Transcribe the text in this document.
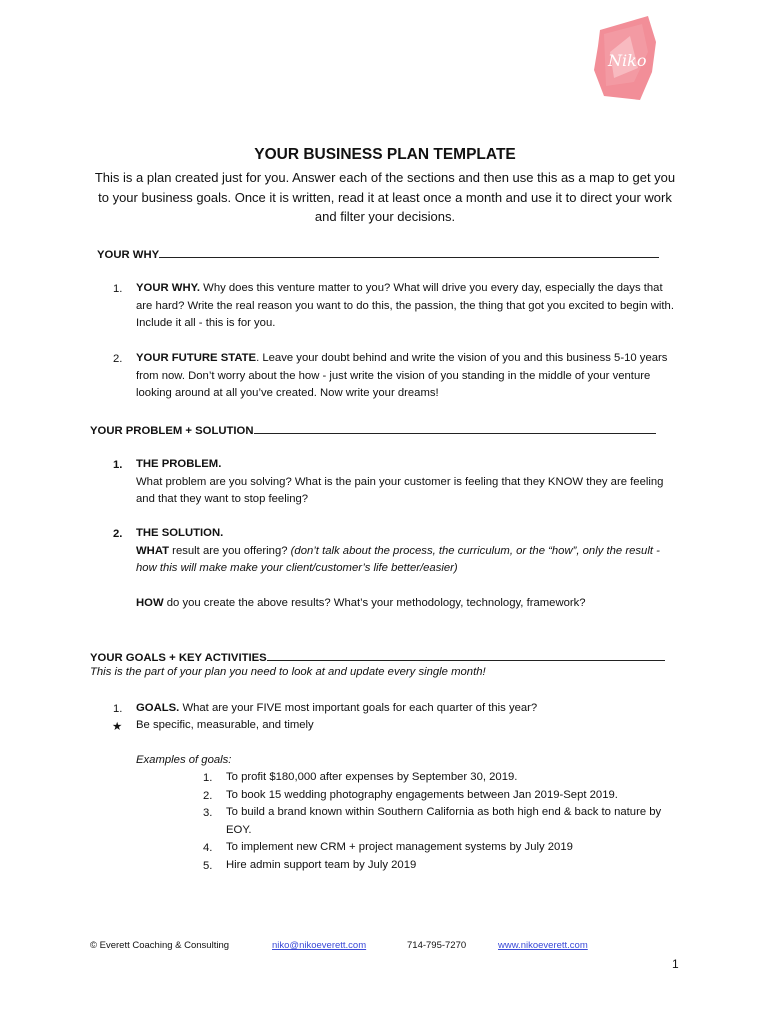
Niko
YOUR BUSINESS PLAN TEMPLATE
This is a plan created just for you. Answer each of the sections and then use this as a map to get you to your business goals. Once it is written, read it at least once a month and use it to direct your work and filter your decisions.
YOUR WHY
1. YOUR WHY. Why does this venture matter to you? What will drive you every day, especially the days that are hard? Write the real reason you want to do this, the passion, the thing that got you excited to begin with. Include it all - this is for you.
2. YOUR FUTURE STATE. Leave your doubt behind and write the vision of you and this business 5-10 years from now. Don’t worry about the how - just write the vision of you standing in the middle of your venture looking around at all you’ve created. Now write your dreams!
YOUR PROBLEM + SOLUTION
1. THE PROBLEM.
What problem are you solving? What is the pain your customer is feeling that they KNOW they are feeling and that they want to stop feeling?
2. THE SOLUTION.
WHAT result are you offering? (don’t talk about the process, the curriculum, or the “how”, only the result - how this will make make your client/customer’s life better/easier)
HOW do you create the above results? What’s your methodology, technology, framework?
YOUR GOALS + KEY ACTIVITIES
This is the part of your plan you need to look at and update every single month!
1. GOALS. What are your FIVE most important goals for each quarter of this year?
★ Be specific, measurable, and timely
Examples of goals:
1. To profit $180,000 after expenses by September 30, 2019.
2. To book 15 wedding photography engagements between Jan 2019-Sept 2019.
3. To build a brand known within Southern California as both high end & back to nature by EOY.
4. To implement new CRM + project management systems by July 2019
5. Hire admin support team by July 2019
© Everett Coaching & Consulting	niko@nikoeverett.com	714-795-7270	www.nikoeverett.com
1
